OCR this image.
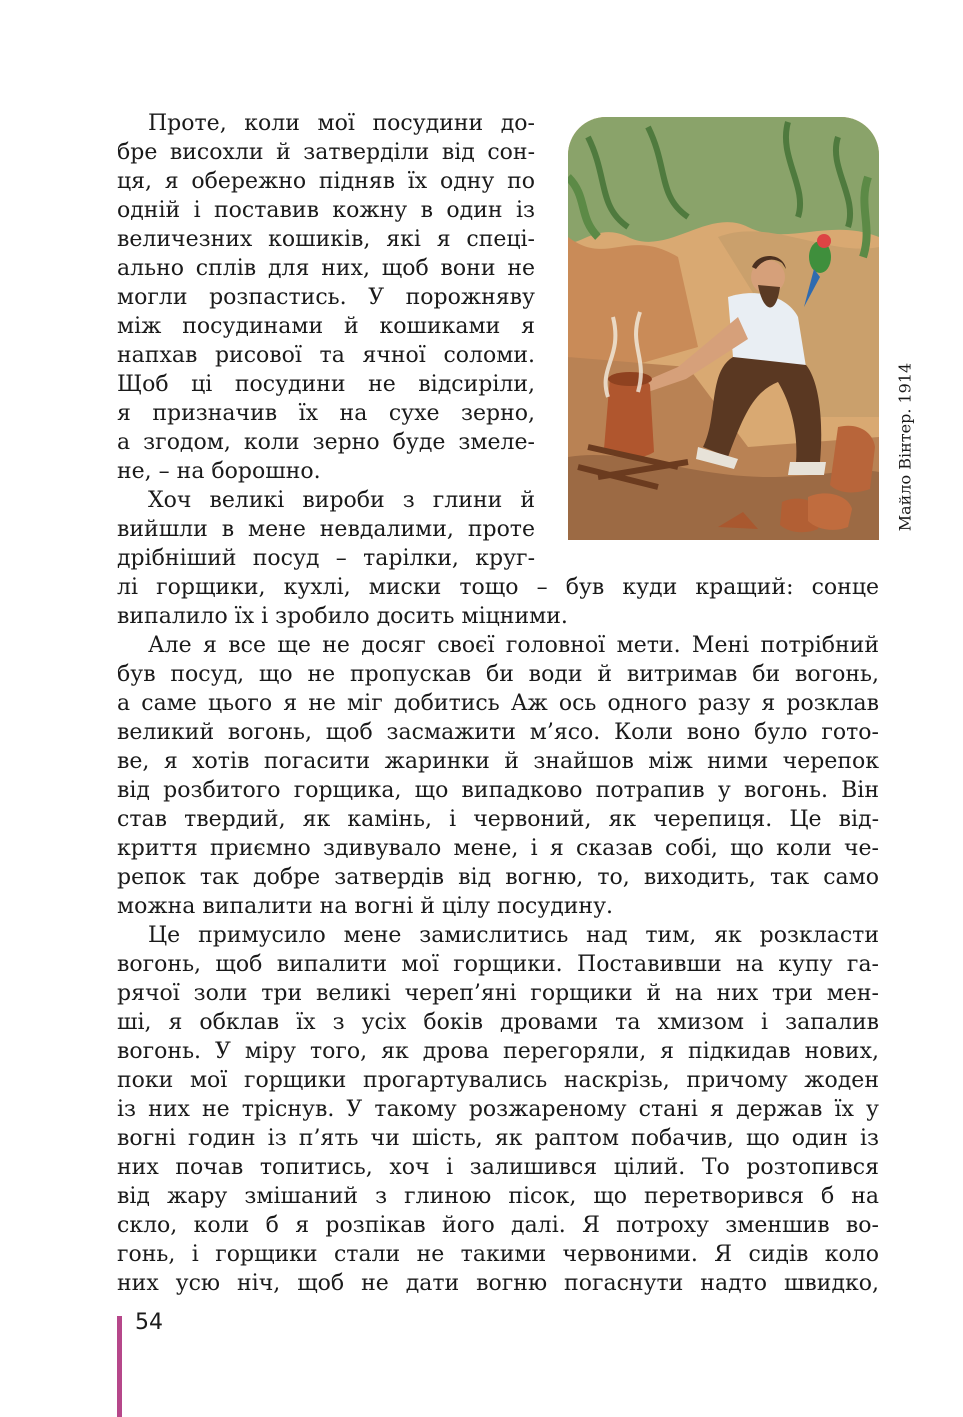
Майло Вінтер. 1914
Проте, коли мої посудини до-
бре висохли й затверділи від сон-
ця, я обережно підняв їх одну по
одній і поставив кожну в один із
величезних кошиків, які я спеці-
ально сплів для них, щоб вони не
могли розпастись. У порожняву
між посудинами й кошиками я
напхав рисової та ячної соломи.
Щоб ці посудини не відсиріли,
я призначив їх на сухе зерно,
а згодом, коли зерно буде змеле-
не, – на борошно.
Хоч великі вироби з глини й
вийшли в мене невдалими, проте
дрібніший посуд – тарілки, круг-
лі горщики, кухлі, миски тощо – був куди кращий: сонце
випалило їх і зробило досить міцними.
Але я все ще не досяг своєї головної мети. Мені потрібний
був посуд, що не пропускав би води й витримав би вогонь,
а саме цього я не міг добитись Аж ось одного разу я розклав
великий вогонь, щоб засмажити м’ясо. Коли воно було гото-
ве, я хотів погасити жаринки й знайшов між ними черепок
від розбитого горщика, що випадково потрапив у вогонь. Він
став твердий, як камінь, і червоний, як черепиця. Це від-
криття приємно здивувало мене, і я сказав собі, що коли че-
репок так добре затвердів від вогню, то, виходить, так само
можна випалити на вогні й цілу посудину.
Це примусило мене замислитись над тим, як розкласти
вогонь, щоб випалити мої горщики. Поставивши на купу га-
рячої золи три великі череп’яні горщики й на них три мен-
ші, я обклав їх з усіх боків дровами та хмизом і запалив
вогонь. У міру того, як дрова перегоряли, я підкидав нових,
поки мої горщики прогартувались наскрізь, причому жоден
із них не тріснув. У такому розжареному стані я держав їх у
вогні годин із п’ять чи шість, як раптом побачив, що один із
них почав топитись, хоч і залишився цілий. То розтопився
від жару змішаний з глиною пісок, що перетворився б на
скло, коли б я розпікав його далі. Я потроху зменшив во-
гонь, і горщики стали не такими червоними. Я сидів коло
них усю ніч, щоб не дати вогню погаснути надто швидко,
54
